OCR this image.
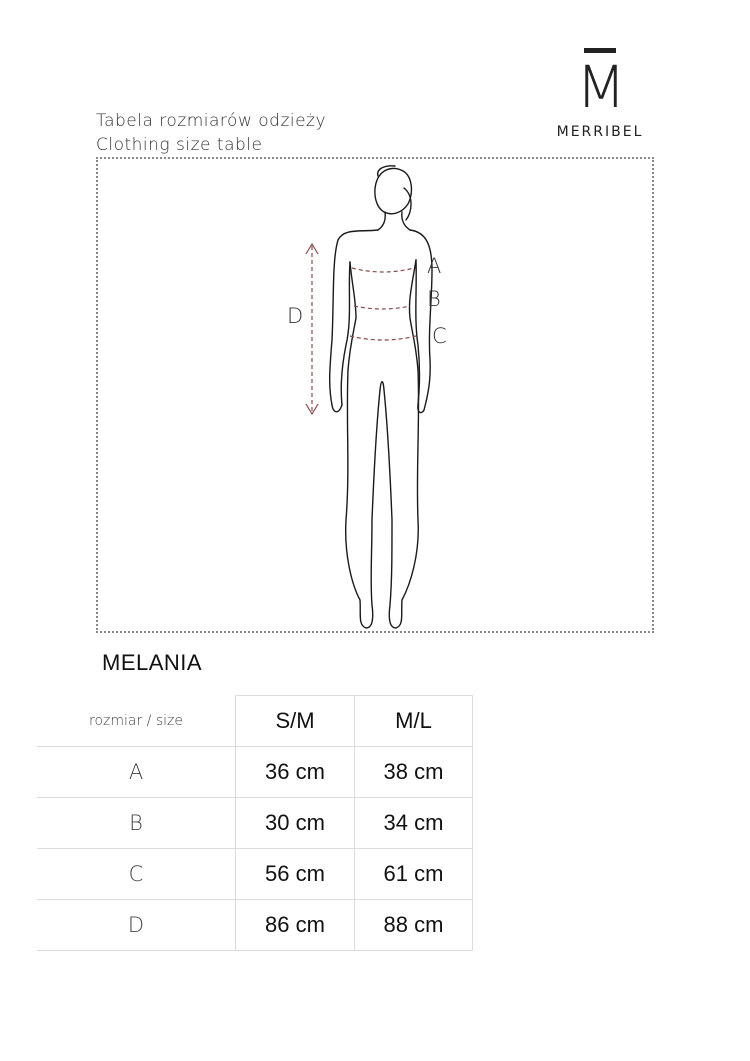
M
MERRIBEL
Tabela rozmiarów odzieży
Clothing size table
A
B
C
D
MELANIA
rozmiar / size	S/M	M/L
A	36 cm	38 cm
B	30 cm	34 cm
C	56 cm	61 cm
D	86 cm	88 cm
